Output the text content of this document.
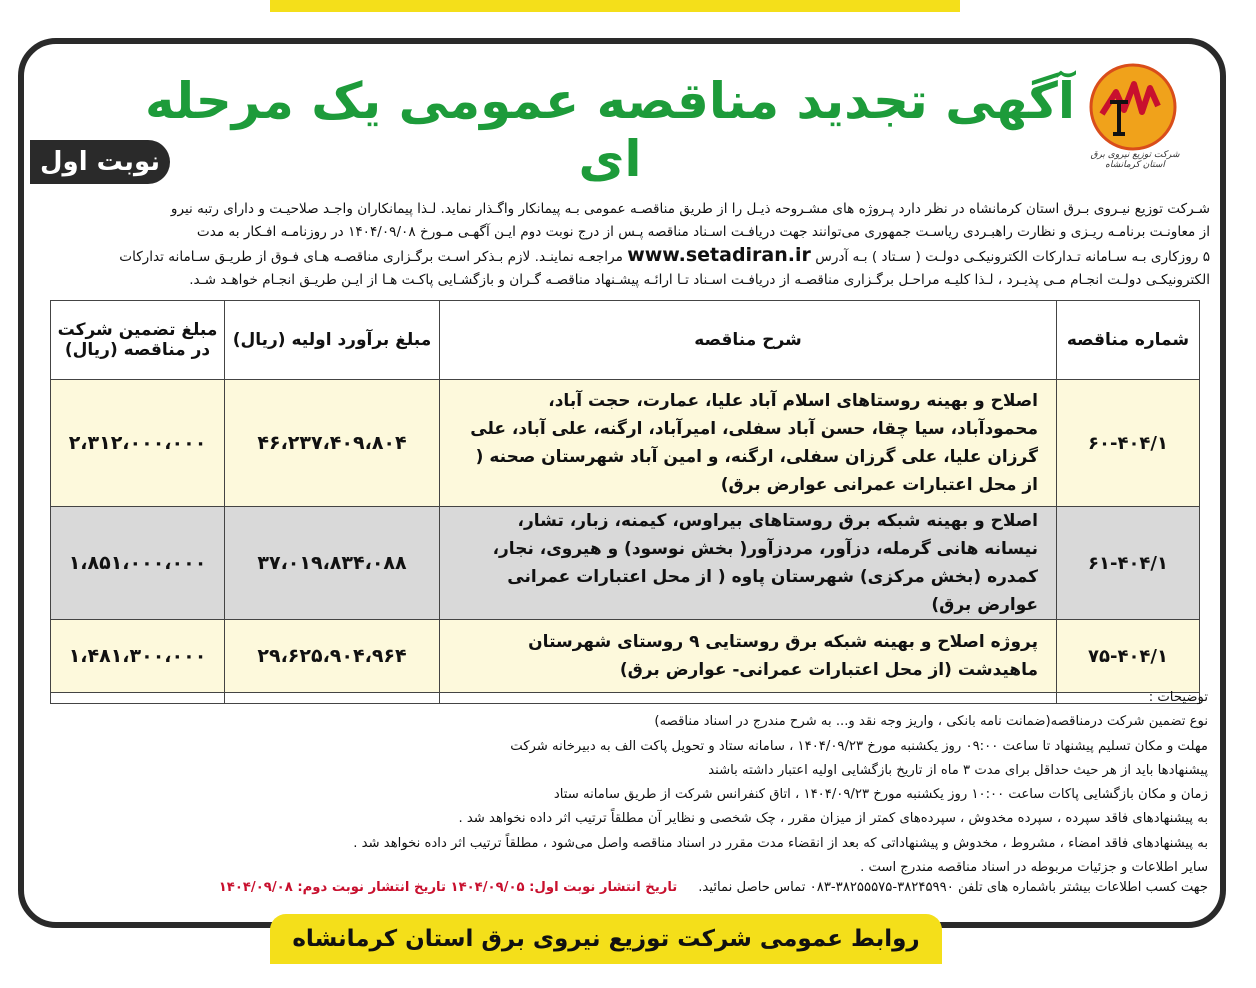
آگهی تجدید مناقصه عمومی یک مرحله ای	شرکت توزیع نیروی برق استان کرمانشاه
نوبت اول
شـرکت توزیع نیـروی بـرق استان کرمانشاه در نظر دارد پـروژه های مشـروحه ذیـل را از طریق مناقصـه عمومی بـه پیمانکار واگـذار نماید. لـذا پیمانکاران واجـد صلاحیـت و دارای رتبه نیرو
از معاونـت برنامـه ریـزی و نظارت راهبـردی ریاسـت جمهوری می‌توانند جهت دریافـت اسـناد مناقصه پـس از درج نوبت دوم ایـن آگهـی مـورخ ۱۴۰۴/۰۹/۰۸ در روزنامـه افـکار به مدت
۵ روزکاری بـه سـامانه تـدارکات الکترونیکـی دولـت ( سـتاد ) بـه آدرس www.setadiran.ir مراجعـه نماینـد. لازم بـذکر اسـت برگـزاری مناقصـه هـای فـوق از طریـق سـامانه تدارکات
الکترونیکـی دولـت انجـام مـی پذیـرد ، لـذا کلیـه مراحـل برگـزاری مناقصـه از دریافـت اسـناد تـا ارائـه پیشـنهاد مناقصـه گـران و بازگشـایی پاکـت هـا از ایـن طریـق انجـام خواهـد شـد.
شماره مناقصه	شرح مناقصه	مبلغ برآورد اولیه (ریال)	مبلغ تضمین شرکت در مناقصه (ریال)
۶۰-۴۰۴/۱	اصلاح و بهینه روستاهای اسلام آباد علیا، عمارت، حجت آباد، محمودآباد، سیا چقا، حسن آباد سفلی، امیرآباد، ارگنه، علی آباد، علی گرزان علیا، علی گرزان سفلی، ارگنه، و امین آباد شهرستان صحنه ( از محل اعتبارات عمرانی عوارض برق)	۴۶،۲۳۷،۴۰۹،۸۰۴	۲،۳۱۲،۰۰۰،۰۰۰
۶۱-۴۰۴/۱	اصلاح و بهینه شبکه برق روستاهای بیراوس، کیمنه، زبار، تشار، نیسانه هانی گرمله، دزآور، مردزآور( بخش نوسود) و هیروی، نجار، کمدره (بخش مرکزی) شهرستان پاوه ( از محل اعتبارات عمرانی عوارض برق)	۳۷،۰۱۹،۸۳۴،۰۸۸	۱،۸۵۱،۰۰۰،۰۰۰
۷۵-۴۰۴/۱	پروژه اصلاح و بهینه شبکه برق روستایی ۹ روستای شهرستان ماهیدشت (از محل اعتبارات عمرانی- عوارض برق)	۲۹،۶۲۵،۹۰۴،۹۶۴	۱،۴۸۱،۳۰۰،۰۰۰

توضیحات :
نوع تضمین شرکت درمناقصه(ضمانت نامه بانکی ، واریز وجه نقد و... به شرح مندرج در اسناد مناقصه)
مهلت و مکان تسلیم پیشنهاد تا ساعت ۰۹:۰۰ روز یکشنبه مورخ ۱۴۰۴/۰۹/۲۳ ، سامانه ستاد و تحویل پاکت الف به دبیرخانه شرکت
پیشنهادها باید از هر حیث حداقل برای مدت ۳ ماه از تاریخ بازگشایی اولیه اعتبار داشته باشند
زمان و مکان بازگشایی پاکات ساعت ۱۰:۰۰ روز یکشنبه مورخ ۱۴۰۴/۰۹/۲۳ ، اتاق کنفرانس شرکت از طریق سامانه ستاد
به پیشنهادهای فاقد سپرده ، سپرده مخدوش ، سپرده‌های کمتر از میزان مقرر ، چک شخصی و نظایر آن مطلقاً ترتیب اثر داده نخواهد شد .
به پیشنهادهای فاقد امضاء ، مشروط ، مخدوش و پیشنهاداتی که بعد از انقضاء مدت مقرر در اسناد مناقصه واصل می‌شود ، مطلقاً ترتیب اثر داده نخواهد شد .
سایر اطلاعات و جزئیات مربوطه در اسناد مناقصه مندرج است .
جهت کسب اطلاعات بیشتر باشماره های تلفن ۳۸۲۴۵۹۹۰-۳۸۲۵۵۵۷۵-۰۸۳ تماس حاصل نمائید.     تاریخ انتشار نوبت اول: ۱۴۰۴/۰۹/۰۵ تاریخ انتشار نوبت دوم: ۱۴۰۴/۰۹/۰۸
روابط عمومی شرکت توزیع نیروی برق استان کرمانشاه
